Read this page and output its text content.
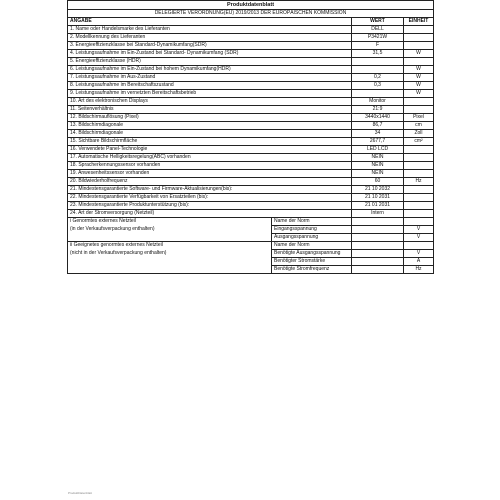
Produktdatenblatt			
DELEGIERTE VERORDNUNG(EU) 2019/2013 DER EUROPÄISCHEN KOMMISSION			
ANGABE		WERT	EINHEIT
1. Name oder Handelsmarke des Lieferanten		DELL	
2. Modellkennung des Lieferanten		P3421W	
3. Energieeffizienzklasse bei Standard-Dynamikumfang(SDR)		F	
4. Leistungsaufnahme im Ein-Zustand bei Standard- Dynamikumfang (SDR)		31,5	W
5. Energieeffizienzklasse (HDR)			
6. Leistungsaufnahme im Ein-Zustand bei hohem Dynamikumfang(HDR)			W
7. Leistungsaufnahme im Aus-Zustand		0,2	W
8. Leistungsaufnahme im Bereitschaftszustand		0,3	W
9. Leistungsaufnahme im vernetzten Bereitschaftsbetrieb			W
10. Art des elektronischen Displays		Monitor	
11. Seitenverhältnis		21:9	
12. Bildschirmauflösung (Pixel)		3440x1440	Pixel
13. Bildschirmdiagonale		86,7	cm
14. Bildschirmdiagonale		34	Zoll
15. Sichtbare Bildschirmfläche		2677,7	cm²
16. Verwendete Panel-Technologie		LED LCD	
17. Automatische Helligkeitsregelung(ABC) vorhanden		NEIN	
18. Spracherkennungssensor vorhanden		NEIN	
19. Anwesenheitssensor vorhanden		NEIN	
20. Bildwiederholfrequenz		60	Hz
21. Mindestensgarantierte Software- und Firmware-Aktualisierungen(bis):		21 10 2032	
22. Mindestensgarantierte Verfügbarkeit von Ersatzteilen (bis):		21 10 2031	
23. Mindestensgarantierte Produktunterstützung (bis):		21 01 2031	
24. Art der Stromversorgung (Netzteil)		Intern	
i Genormtes externes Netzteil	Name der Norm		
(in der Verkaufsverpackung enthalten)	Eingangsspannung		V
	Ausgangsspannung		V
ii Geeignetes genormtes externes Netzteil	Name der Norm		
(nicht in der Verkaufsverpackung enthalten)	Benötigte Ausgangsspannung		V
	Benötigter Stromstärke		A
	Benötigte Stromfrequenz		Hz
ProduktDatenblatt
